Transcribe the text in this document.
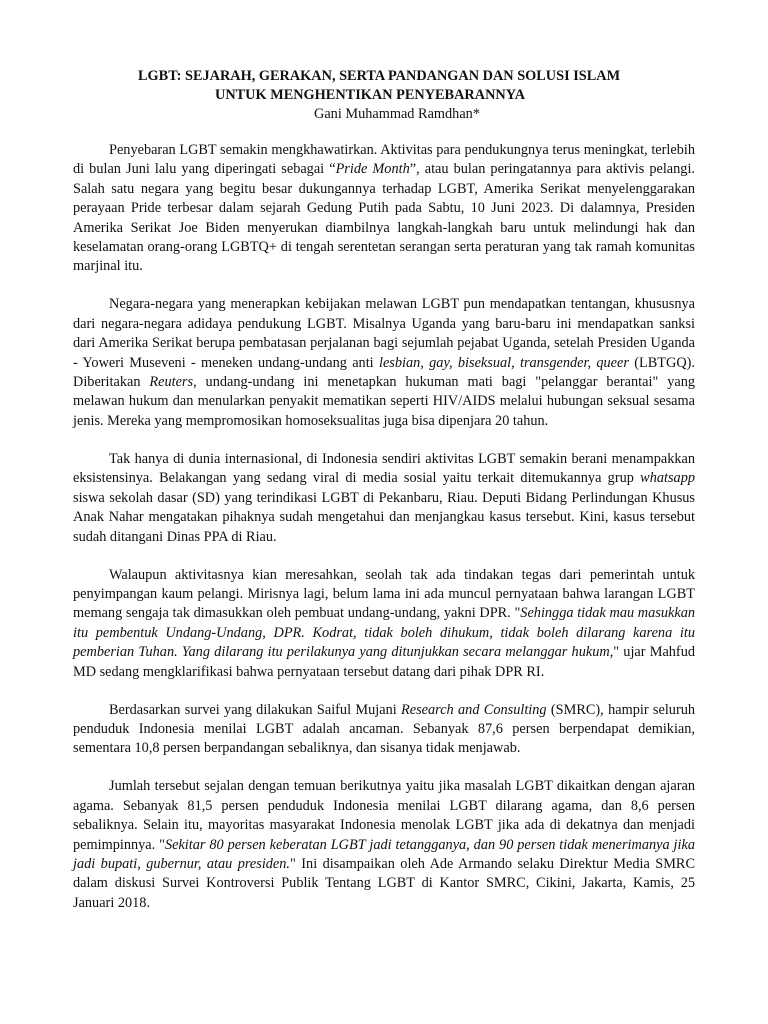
LGBT: SEJARAH, GERAKAN, SERTA PANDANGAN DAN SOLUSI ISLAM
UNTUK MENGHENTIKAN PENYEBARANNYA
Gani Muhammad Ramdhan*

Penyebaran LGBT semakin mengkhawatirkan. Aktivitas para pendukungnya terus meningkat, terlebih di bulan Juni lalu yang diperingati sebagai “Pride Month”, atau bulan peringatannya para aktivis pelangi. Salah satu negara yang begitu besar dukungannya terhadap LGBT, Amerika Serikat menyelenggarakan perayaan Pride terbesar dalam sejarah Gedung Putih pada Sabtu, 10 Juni 2023. Di dalamnya, Presiden Amerika Serikat Joe Biden menyerukan diambilnya langkah-langkah baru untuk melindungi hak dan keselamatan orang-orang LGBTQ+ di tengah serentetan serangan serta peraturan yang tak ramah komunitas marjinal itu.

Negara-negara yang menerapkan kebijakan melawan LGBT pun mendapatkan tentangan, khususnya dari negara-negara adidaya pendukung LGBT. Misalnya Uganda yang baru-baru ini mendapatkan sanksi dari Amerika Serikat berupa pembatasan perjalanan bagi sejumlah pejabat Uganda, setelah Presiden Uganda - Yoweri Museveni - meneken undang-undang anti lesbian, gay, biseksual, transgender, queer (LBTGQ). Diberitakan Reuters, undang-undang ini menetapkan hukuman mati bagi "pelanggar berantai" yang melawan hukum dan menularkan penyakit mematikan seperti HIV/AIDS melalui hubungan seksual sesama jenis. Mereka yang mempromosikan homoseksualitas juga bisa dipenjara 20 tahun.

Tak hanya di dunia internasional, di Indonesia sendiri aktivitas LGBT semakin berani menampakkan eksistensinya. Belakangan yang sedang viral di media sosial yaitu terkait ditemukannya grup whatsapp siswa sekolah dasar (SD) yang terindikasi LGBT di Pekanbaru, Riau. Deputi Bidang Perlindungan Khusus Anak Nahar mengatakan pihaknya sudah mengetahui dan menjangkau kasus tersebut. Kini, kasus tersebut sudah ditangani Dinas PPA di Riau.

Walaupun aktivitasnya kian meresahkan, seolah tak ada tindakan tegas dari pemerintah untuk penyimpangan kaum pelangi. Mirisnya lagi, belum lama ini ada muncul pernyataan bahwa larangan LGBT memang sengaja tak dimasukkan oleh pembuat undang-undang, yakni DPR. "Sehingga tidak mau masukkan itu pembentuk Undang-Undang, DPR. Kodrat, tidak boleh dihukum, tidak boleh dilarang karena itu pemberian Tuhan. Yang dilarang itu perilakunya yang ditunjukkan secara melanggar hukum," ujar Mahfud MD sedang mengklarifikasi bahwa pernyataan tersebut datang dari pihak DPR RI.

Berdasarkan survei yang dilakukan Saiful Mujani Research and Consulting (SMRC), hampir seluruh penduduk Indonesia menilai LGBT adalah ancaman. Sebanyak 87,6 persen berpendapat demikian, sementara 10,8 persen berpandangan sebaliknya, dan sisanya tidak menjawab.

Jumlah tersebut sejalan dengan temuan berikutnya yaitu jika masalah LGBT dikaitkan dengan ajaran agama. Sebanyak 81,5 persen penduduk Indonesia menilai LGBT dilarang agama, dan 8,6 persen sebaliknya. Selain itu, mayoritas masyarakat Indonesia menolak LGBT jika ada di dekatnya dan menjadi pemimpinnya. "Sekitar 80 persen keberatan LGBT jadi tetangganya, dan 90 persen tidak menerimanya jika jadi bupati, gubernur, atau presiden." Ini disampaikan oleh Ade Armando selaku Direktur Media SMRC dalam diskusi Survei Kontroversi Publik Tentang LGBT di Kantor SMRC, Cikini, Jakarta, Kamis, 25 Januari 2018.
